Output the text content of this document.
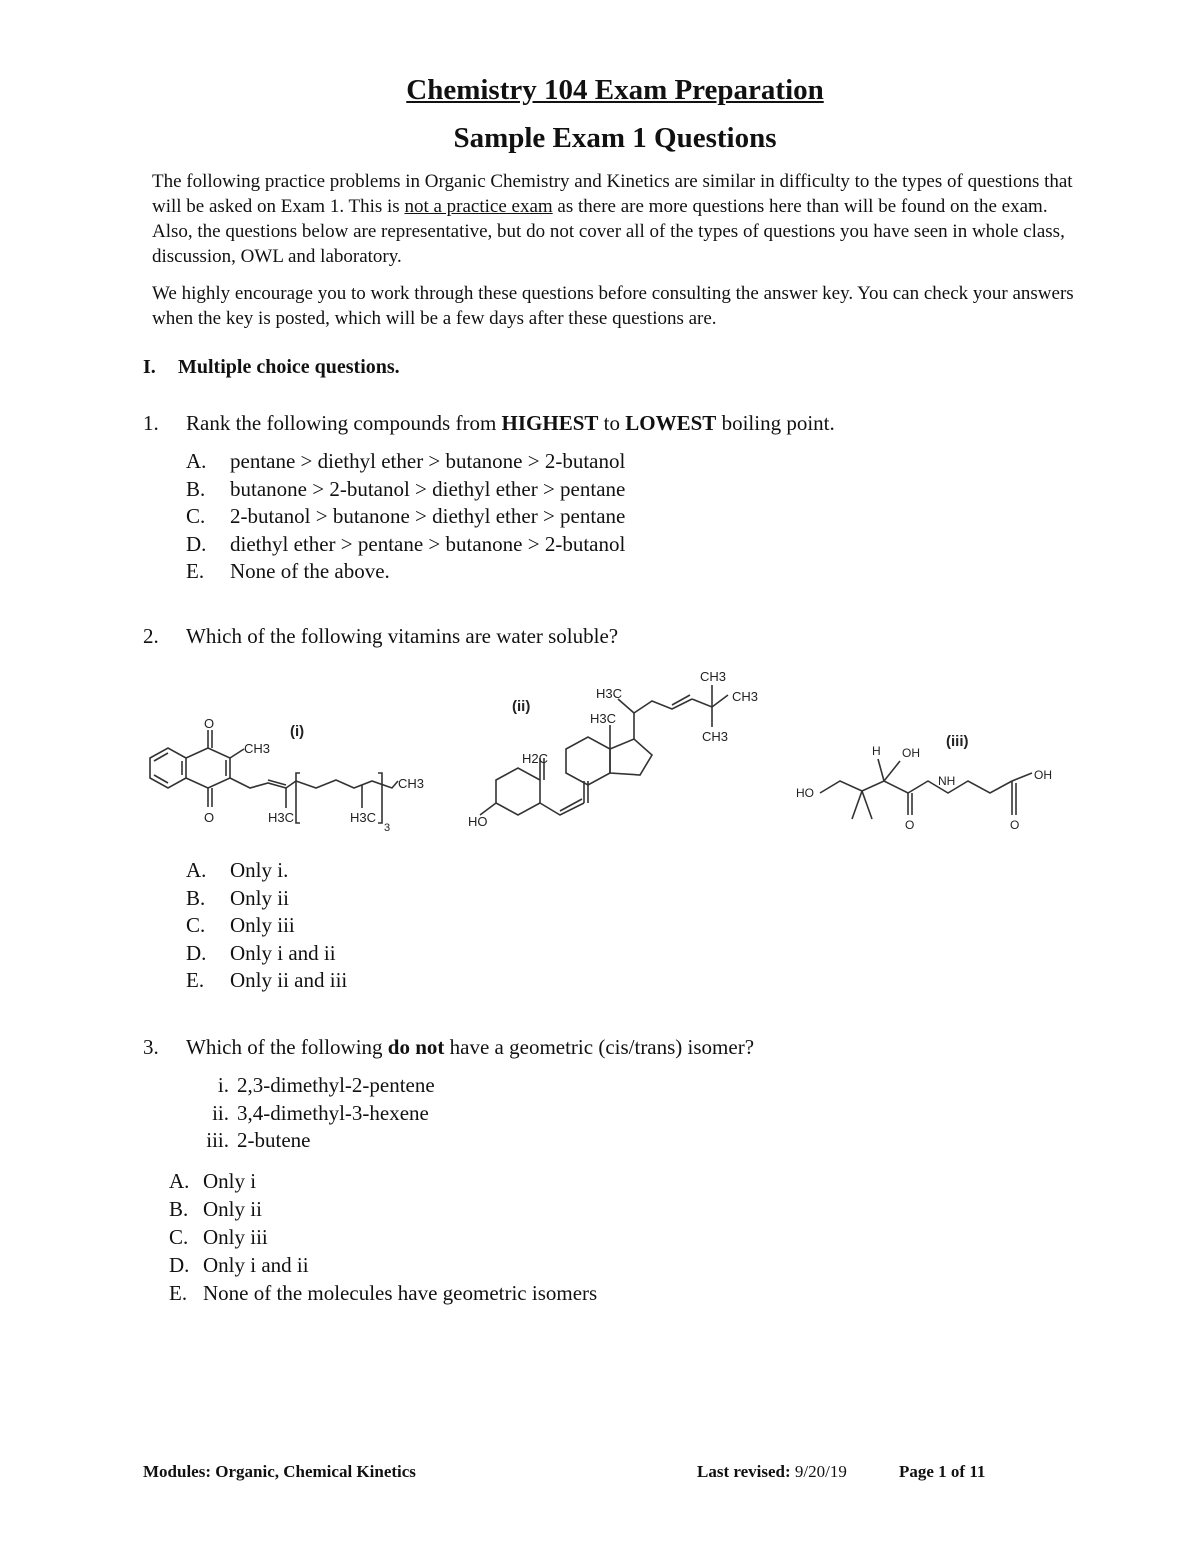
Chemistry 104 Exam Preparation
Sample Exam 1 Questions
The following practice problems in Organic Chemistry and Kinetics are similar in difficulty to the types of questions that will be asked on Exam 1. This is not a practice exam as there are more questions here than will be found on the exam. Also, the questions below are representative, but do not cover all of the types of questions you have seen in whole class, discussion, OWL and laboratory.
We highly encourage you to work through these questions before consulting the answer key. You can check your answers when the key is posted, which will be a few days after these questions are.
I. Multiple choice questions.
1. Rank the following compounds from HIGHEST to LOWEST boiling point.
A. pentane > diethyl ether > butanone > 2-butanol
B. butanone > 2-butanol > diethyl ether > pentane
C. 2-butanol > butanone > diethyl ether > pentane
D. diethyl ether > pentane > butanone > 2-butanol
E. None of the above.
2. Which of the following vitamins are water soluble?
(i)
O
O
CH3
H3C	H3C
3
CH3
(ii)
H2C
HO
H3C
H3C
CH3
CH3
CH3	(iii)
HO
H OH
O
NH
O
OH
A. Only i.
B. Only ii
C. Only iii
D. Only i and ii
E. Only ii and iii
3. Which of the following do not have a geometric (cis/trans) isomer?
i. 2,3-dimethyl-2-pentene
ii. 3,4-dimethyl-3-hexene
iii. 2-butene
A. Only i
B. Only ii
C. Only iii
D. Only i and ii
E. None of the molecules have geometric isomers
Modules: Organic, Chemical Kinetics	Last revised: 9/20/19	Page 1 of 11
